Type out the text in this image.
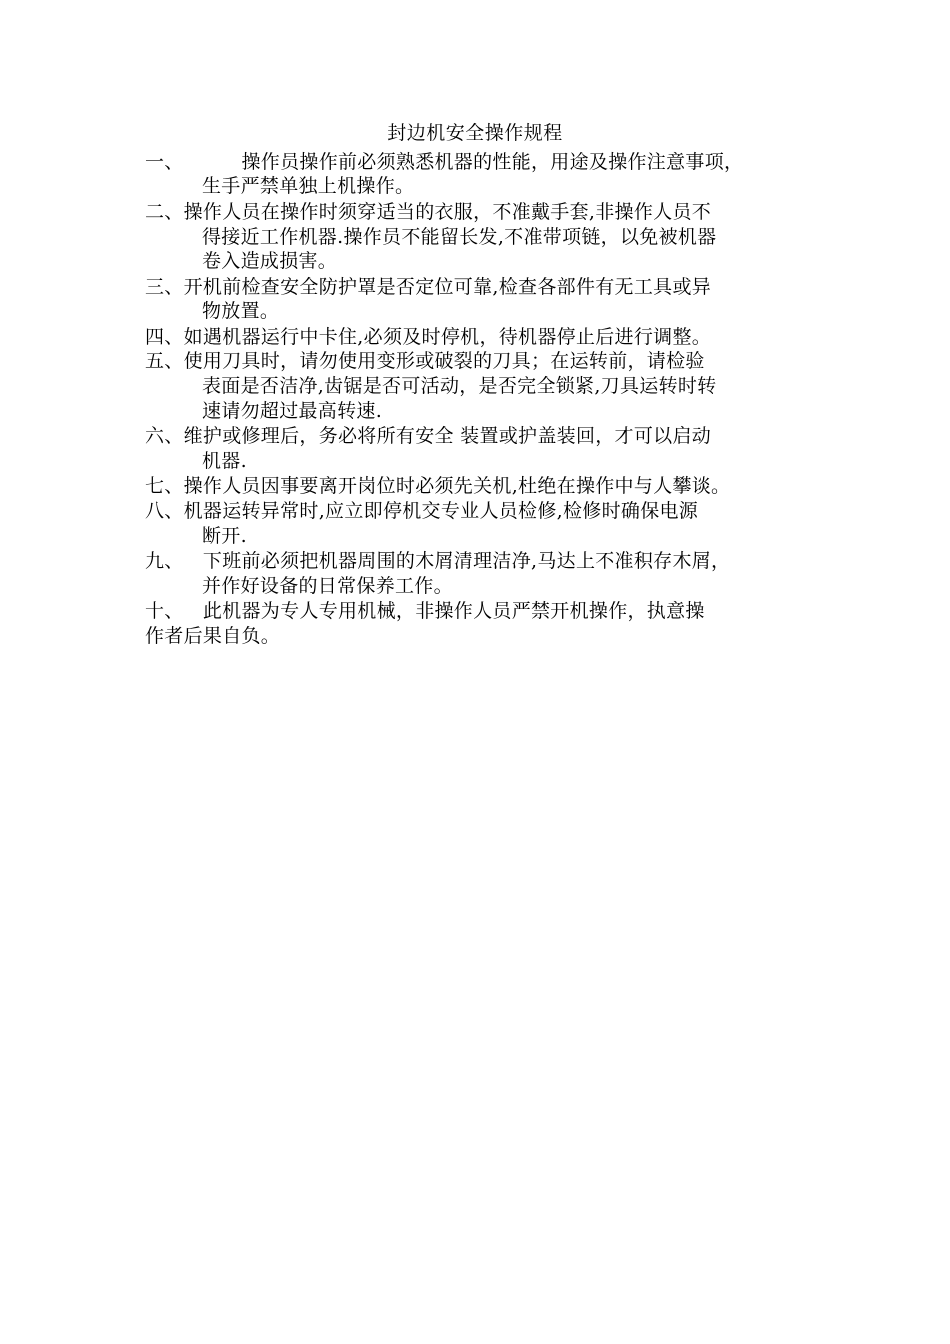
封边机安全操作规程
一、　　　操作员操作前必须熟悉机器的性能，用途及操作注意事项，
生手严禁单独上机操作。
二、操作人员在操作时须穿适当的衣服，不准戴手套,非操作人员不
得接近工作机器.操作员不能留长发,不准带项链，以免被机器
卷入造成损害。
三、开机前检查安全防护罩是否定位可靠,检查各部件有无工具或异
物放置。
四、如遇机器运行中卡住,必须及时停机，待机器停止后进行调整。
五、使用刀具时，请勿使用变形或破裂的刀具；在运转前，请检验
表面是否洁净,齿锯是否可活动，是否完全锁紧,刀具运转时转
速请勿超过最高转速.
六、维护或修理后，务必将所有安全 装置或护盖装回，才可以启动
机器.
七、操作人员因事要离开岗位时必须先关机,杜绝在操作中与人攀谈。
八、机器运转异常时,应立即停机交专业人员检修,检修时确保电源
断开.
九、　下班前必须把机器周围的木屑清理洁净,马达上不准积存木屑，
并作好设备的日常保养工作。
十、　此机器为专人专用机械，非操作人员严禁开机操作，执意操
作者后果自负。
